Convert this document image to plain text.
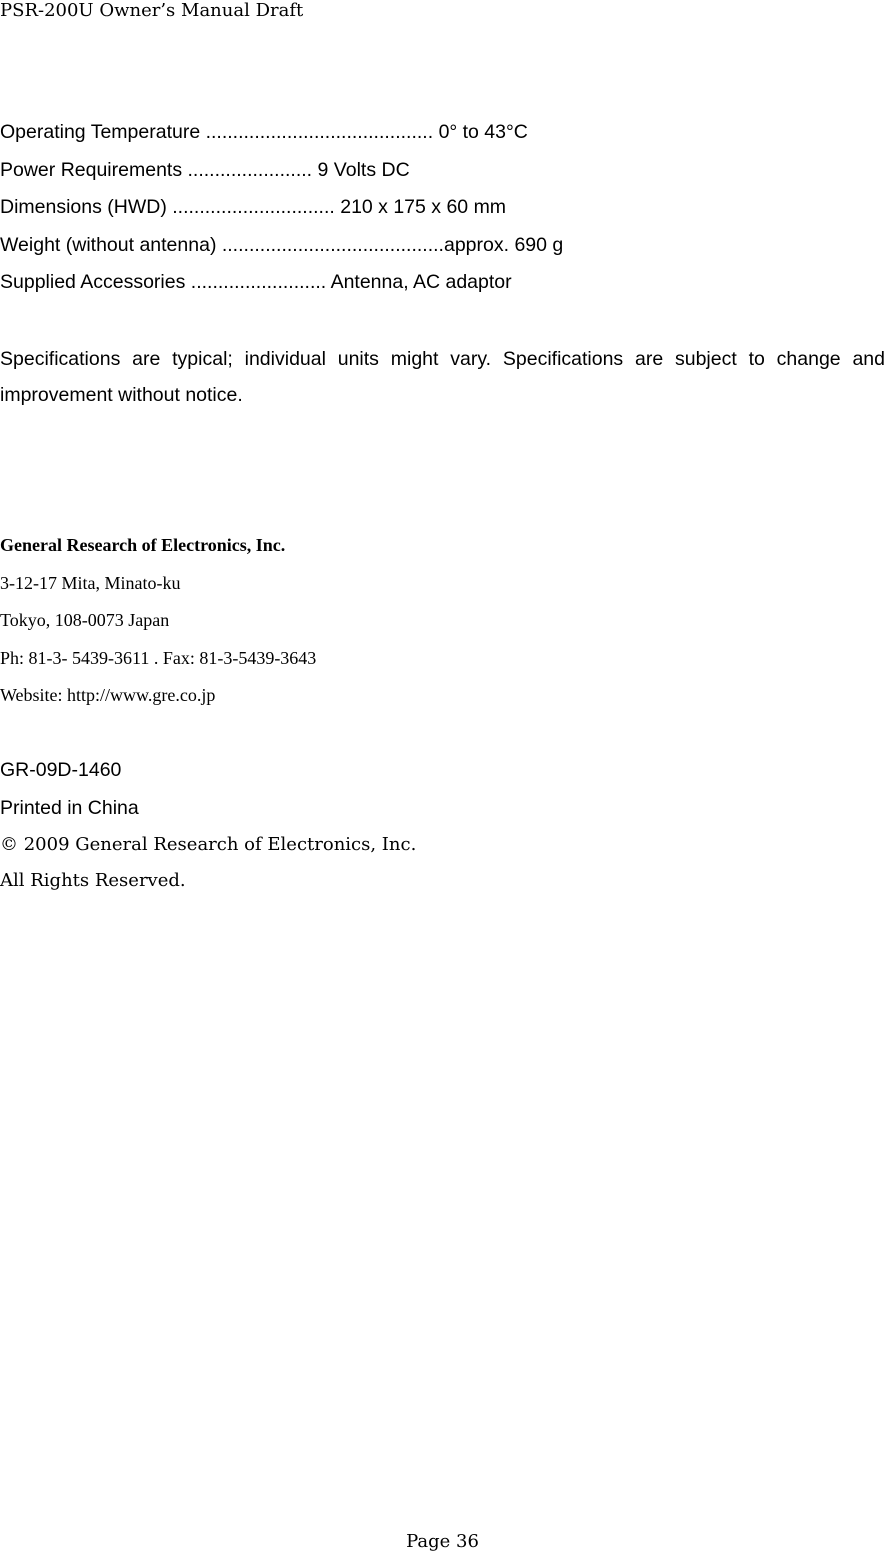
PSR-200U Owner’s Manual Draft
Operating Temperature .......................................... 0° to 43°C
Power Requirements ....................... 9 Volts DC
Dimensions (HWD) .............................. 210 x 175 x 60 mm
Weight (without antenna) .........................................approx. 690 g
Supplied Accessories ......................... Antenna, AC adaptor
Specifications are typical; individual units might vary. Specifications are subject to change and improvement without notice.
General Research of Electronics, Inc.
3-12-17 Mita, Minato-ku
Tokyo, 108-0073 Japan
Ph: 81-3- 5439-3611 . Fax: 81-3-5439-3643
Website: http://www.gre.co.jp
GR-09D-1460
Printed in China
© 2009 General Research of Electronics, Inc.
All Rights Reserved.
Page 36
